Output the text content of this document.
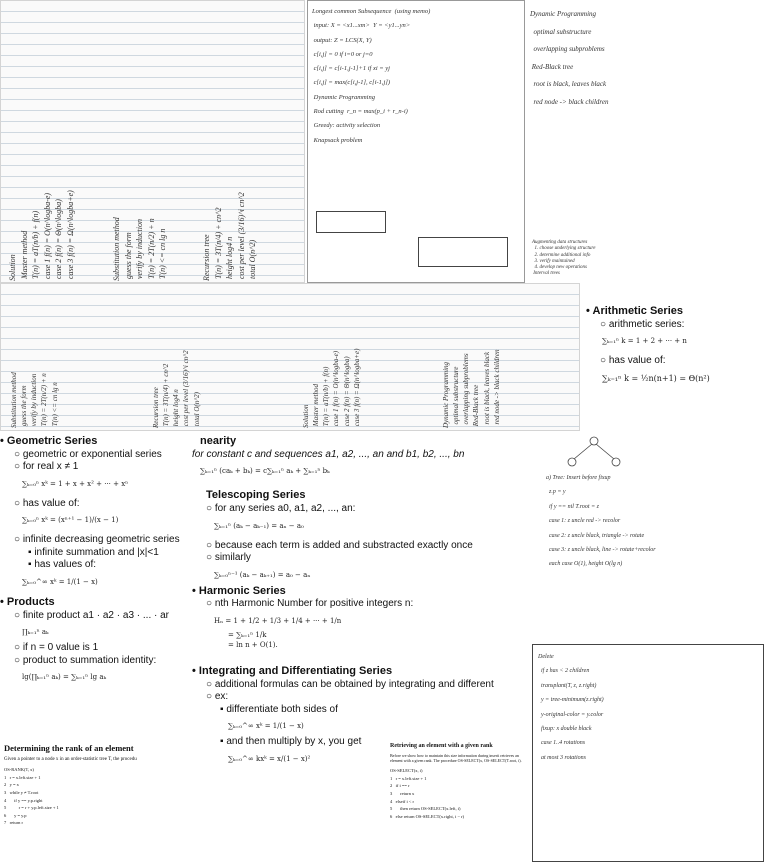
Solution
Master method
T(n) = aT(n/b) + f(n)
case 1 f(n) = O(n^logba-e)
case 2 f(n) = Θ(n^logba)
case 3 f(n) = Ω(n^logba+e)
Substitution method
guess the form
verify by induction
T(n) = 2T(n/2) + n
T(n) <= cn lg n
Recursion tree
T(n) = 3T(n/4) + cn^2
height log4 n
cost per level (3/16)^i cn^2
total O(n^2)
Longest common Subsequence  (using memo)
input: X = <x1...xm>  Y = <y1...yn>
output: Z = LCS(X, Y)
c[i,j] = 0 if i=0 or j=0
c[i,j] = c[i-1,j-1]+1 if xi = yj
c[i,j] = max(c[i,j-1], c[i-1,j])
Dynamic Programming
Rod cutting  r_n = max(p_i + r_n-i)
Greedy: activity selection
Knapsack problem
Dynamic Programming
optimal substructure
overlapping subproblems
Red-Black tree
root is black, leaves black
red node -> black children
Augmenting data structures
1. choose underlying structure
2. determine additional info
3. verify maintained
4. develop new operations
Interval trees
Substitution method
guess the form
verify by induction
T(n) = 2T(n/2) + n
T(n) <= cn lg n
Recursion tree
T(n) = 3T(n/4) + cn^2
height log4 n
cost per level (3/16)^i cn^2
total O(n^2)
Solution
Master method
T(n) = aT(n/b) + f(n)
case 1 f(n) = O(n^logba-e)
case 2 f(n) = Θ(n^logba)
case 3 f(n) = Ω(n^logba+e)
Dynamic Programming
optimal substructure
overlapping subproblems
Red-Black tree
root is black, leaves black
red node -> black children
• Arithmetic Series
○ arithmetic series:
∑ₖ₌₁ⁿ k = 1 + 2 + ··· + n
○ has value of:
∑ₖ₌₁ⁿ k = ½n(n+1) = Θ(n²)
• Geometric Series
○ geometric or exponential series
○ for real x ≠ 1
∑ₖ₌₀ⁿ xᵏ = 1 + x + x² + ··· + xⁿ
○ has value of:
∑ₖ₌₀ⁿ xᵏ = (xⁿ⁺¹ − 1)/(x − 1)
○ infinite decreasing geometric series
▪ infinite summation and |x|<1
▪ has values of:
∑ₖ₌₀^∞ xᵏ = 1/(1 − x)
• Products
○ finite product a1 · a2 · a3 · ... · ar
∏ₖ₌₁ⁿ aₖ
○ if n = 0 value is 1
○ product to summation identity:
lg(∏ₖ₌₁ⁿ aₖ) = ∑ₖ₌₁ⁿ lg aₖ
nearity
for constant c and sequences a1, a2, ..., an and b1, b2, ..., bn
∑ₖ₌₁ⁿ (caₖ + bₖ) = c∑ₖ₌₁ⁿ aₖ + ∑ₖ₌₁ⁿ bₖ
Telescoping Series
○ for any series a0, a1, a2, ..., an:
∑ₖ₌₁ⁿ (aₖ − aₖ₋₁) = aₙ − a₀
○ because each term is added and substracted exactly once
○ similarly
∑ₖ₌₀ⁿ⁻¹ (aₖ − aₖ₊₁) = a₀ − aₙ
• Harmonic Series
○ nth Harmonic Number for positive integers n:
Hₙ = 1 + 1/2 + 1/3 + 1/4 + ··· + 1/n
= ∑ₖ₌₁ⁿ 1/k
= ln n + O(1).
• Integrating and Differentiating Series
○ additional formulas can be obtained by integrating and different
○ ex:
▪ differentiate both sides of
∑ₖ₌₀^∞ xᵏ = 1/(1 − x)
▪ and then multiply by x, you get
∑ₖ₌₀^∞ kxᵏ = x/(1 − x)²
a) Tree: Insert before fixup
z.p = y
if y == nil T.root = z
case 1: z uncle red -> recolor
case 2: z uncle black, triangle -> rotate
case 3: z uncle black, line -> rotate+recolor
each case O(1), height O(lg n)
Delete
if z has < 2 children
transplant(T, z, z.right)
y = tree-minimum(z.right)
y-original-color = y.color
fixup: x double black
case 1..4 rotations
at most 3 rotations
Determining the rank of an element
Given a pointer to a node x in an order-statistic tree T, the procedu
OS-RANK(T, x)
1   r = x.left.size + 1
2   y = x
3   while y ≠ T.root
4       if y == y.p.right
5           r = r + y.p.left.size + 1
6       y = y.p
7   return r
Retrieving an element with a given rank
Before we show how to maintain this size information during inserti retrieves an element with a given rank. The procedure OS-SELECT(x, OS-SELECT(T.root, i).
OS-SELECT(x, i)
1   r = x.left.size + 1
2   if i == r
3       return x
4   elseif i < r
5       then return OS-SELECT(x.left, i)
6   else return OS-SELECT(x.right, i − r)
